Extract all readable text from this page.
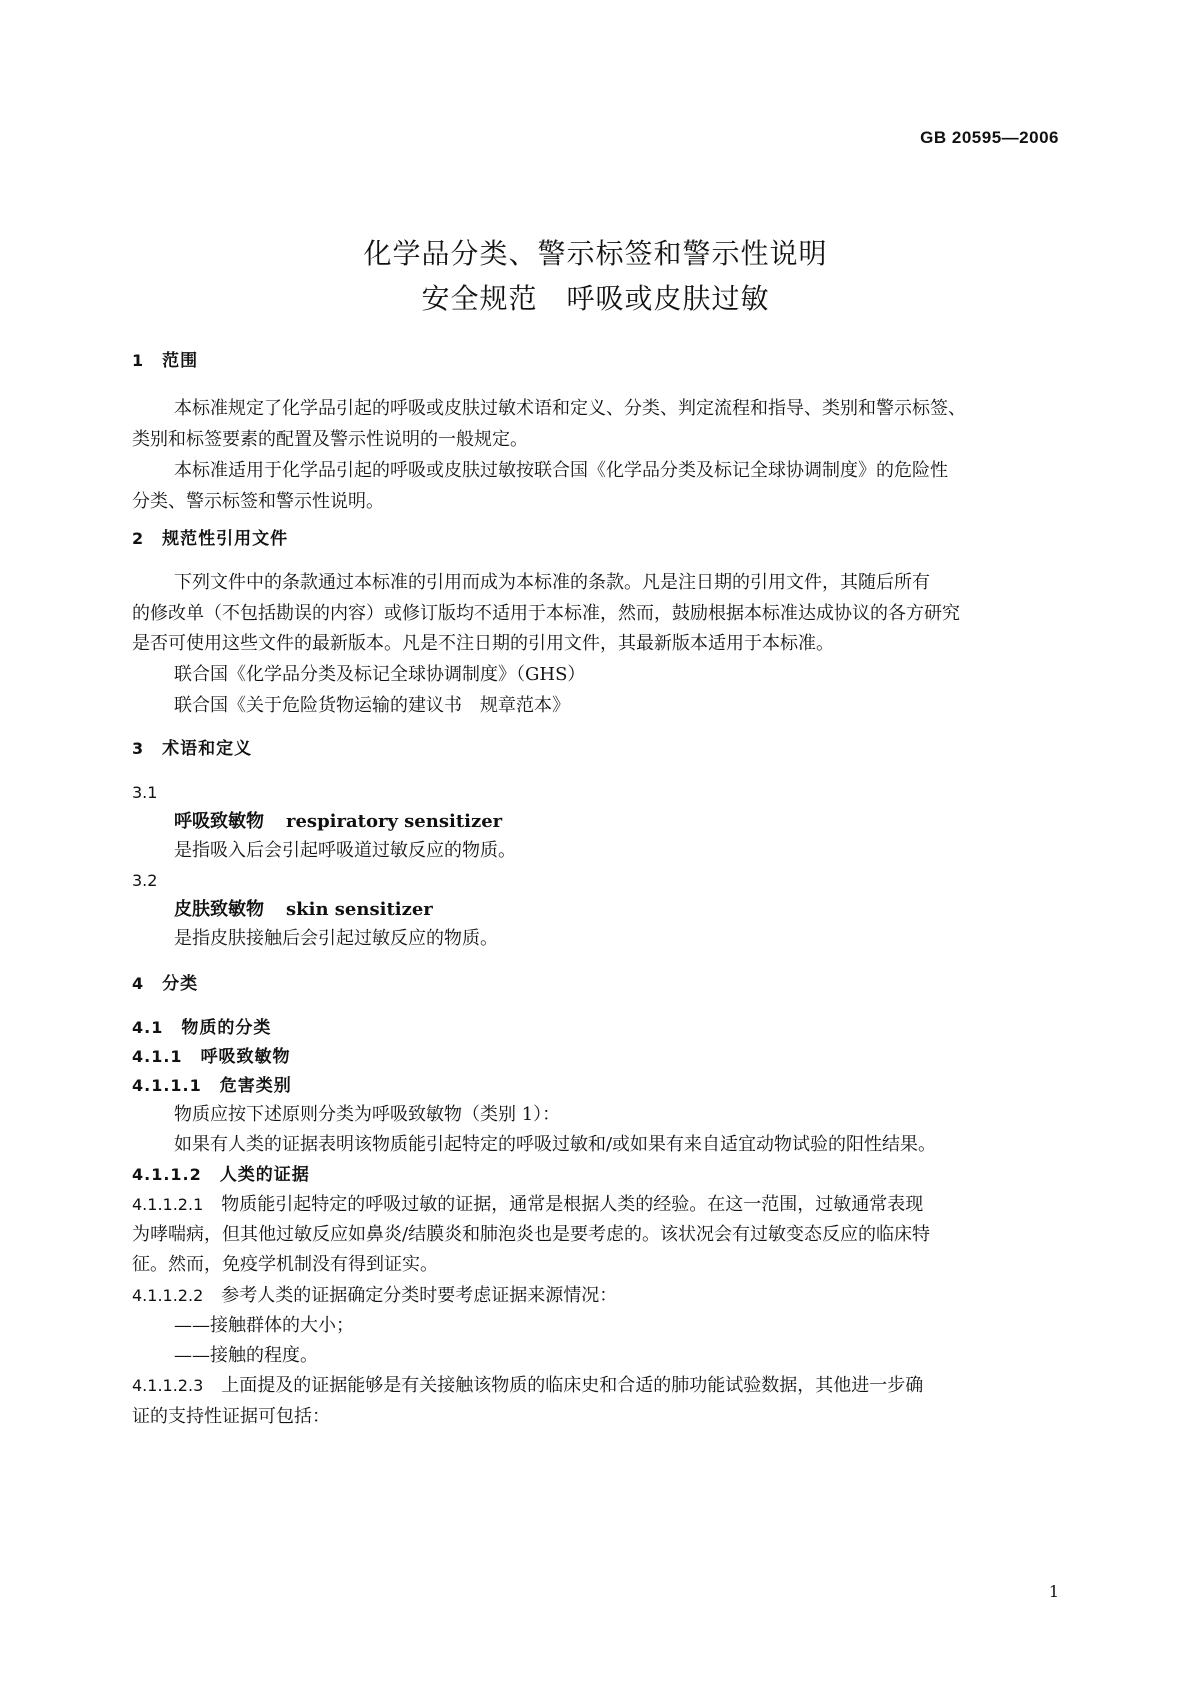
GB 20595—2006
化学品分类、警示标签和警示性说明
安全规范　呼吸或皮肤过敏
1 范围
本标准规定了化学品引起的呼吸或皮肤过敏术语和定义、分类、判定流程和指导、类别和警示标签、
类别和标签要素的配置及警示性说明的一般规定。
本标准适用于化学品引起的呼吸或皮肤过敏按联合国《化学品分类及标记全球协调制度》的危险性
分类、警示标签和警示性说明。
2 规范性引用文件
下列文件中的条款通过本标准的引用而成为本标准的条款。凡是注日期的引用文件，其随后所有
的修改单（不包括勘误的内容）或修订版均不适用于本标准，然而，鼓励根据本标准达成协议的各方研究
是否可使用这些文件的最新版本。凡是不注日期的引用文件，其最新版本适用于本标准。
联合国《化学品分类及标记全球协调制度》（GHS）
联合国《关于危险货物运输的建议书　规章范本》
3 术语和定义
3.1
呼吸致敏物 respiratory sensitizer
是指吸入后会引起呼吸道过敏反应的物质。
3.2
皮肤致敏物 skin sensitizer
是指皮肤接触后会引起过敏反应的物质。
4 分类
4.1 物质的分类
4.1.1 呼吸致敏物
4.1.1.1 危害类别
物质应按下述原则分类为呼吸致敏物（类别 1）：
如果有人类的证据表明该物质能引起特定的呼吸过敏和/或如果有来自适宜动物试验的阳性结果。
4.1.1.2 人类的证据
4.1.1.2.1 物质能引起特定的呼吸过敏的证据，通常是根据人类的经验。在这一范围，过敏通常表现
为哮喘病，但其他过敏反应如鼻炎/结膜炎和肺泡炎也是要考虑的。该状况会有过敏变态反应的临床特
征。然而，免疫学机制没有得到证实。
4.1.1.2.2 参考人类的证据确定分类时要考虑证据来源情况：
——接触群体的大小；
——接触的程度。
4.1.1.2.3 上面提及的证据能够是有关接触该物质的临床史和合适的肺功能试验数据，其他进一步确
证的支持性证据可包括：
1
